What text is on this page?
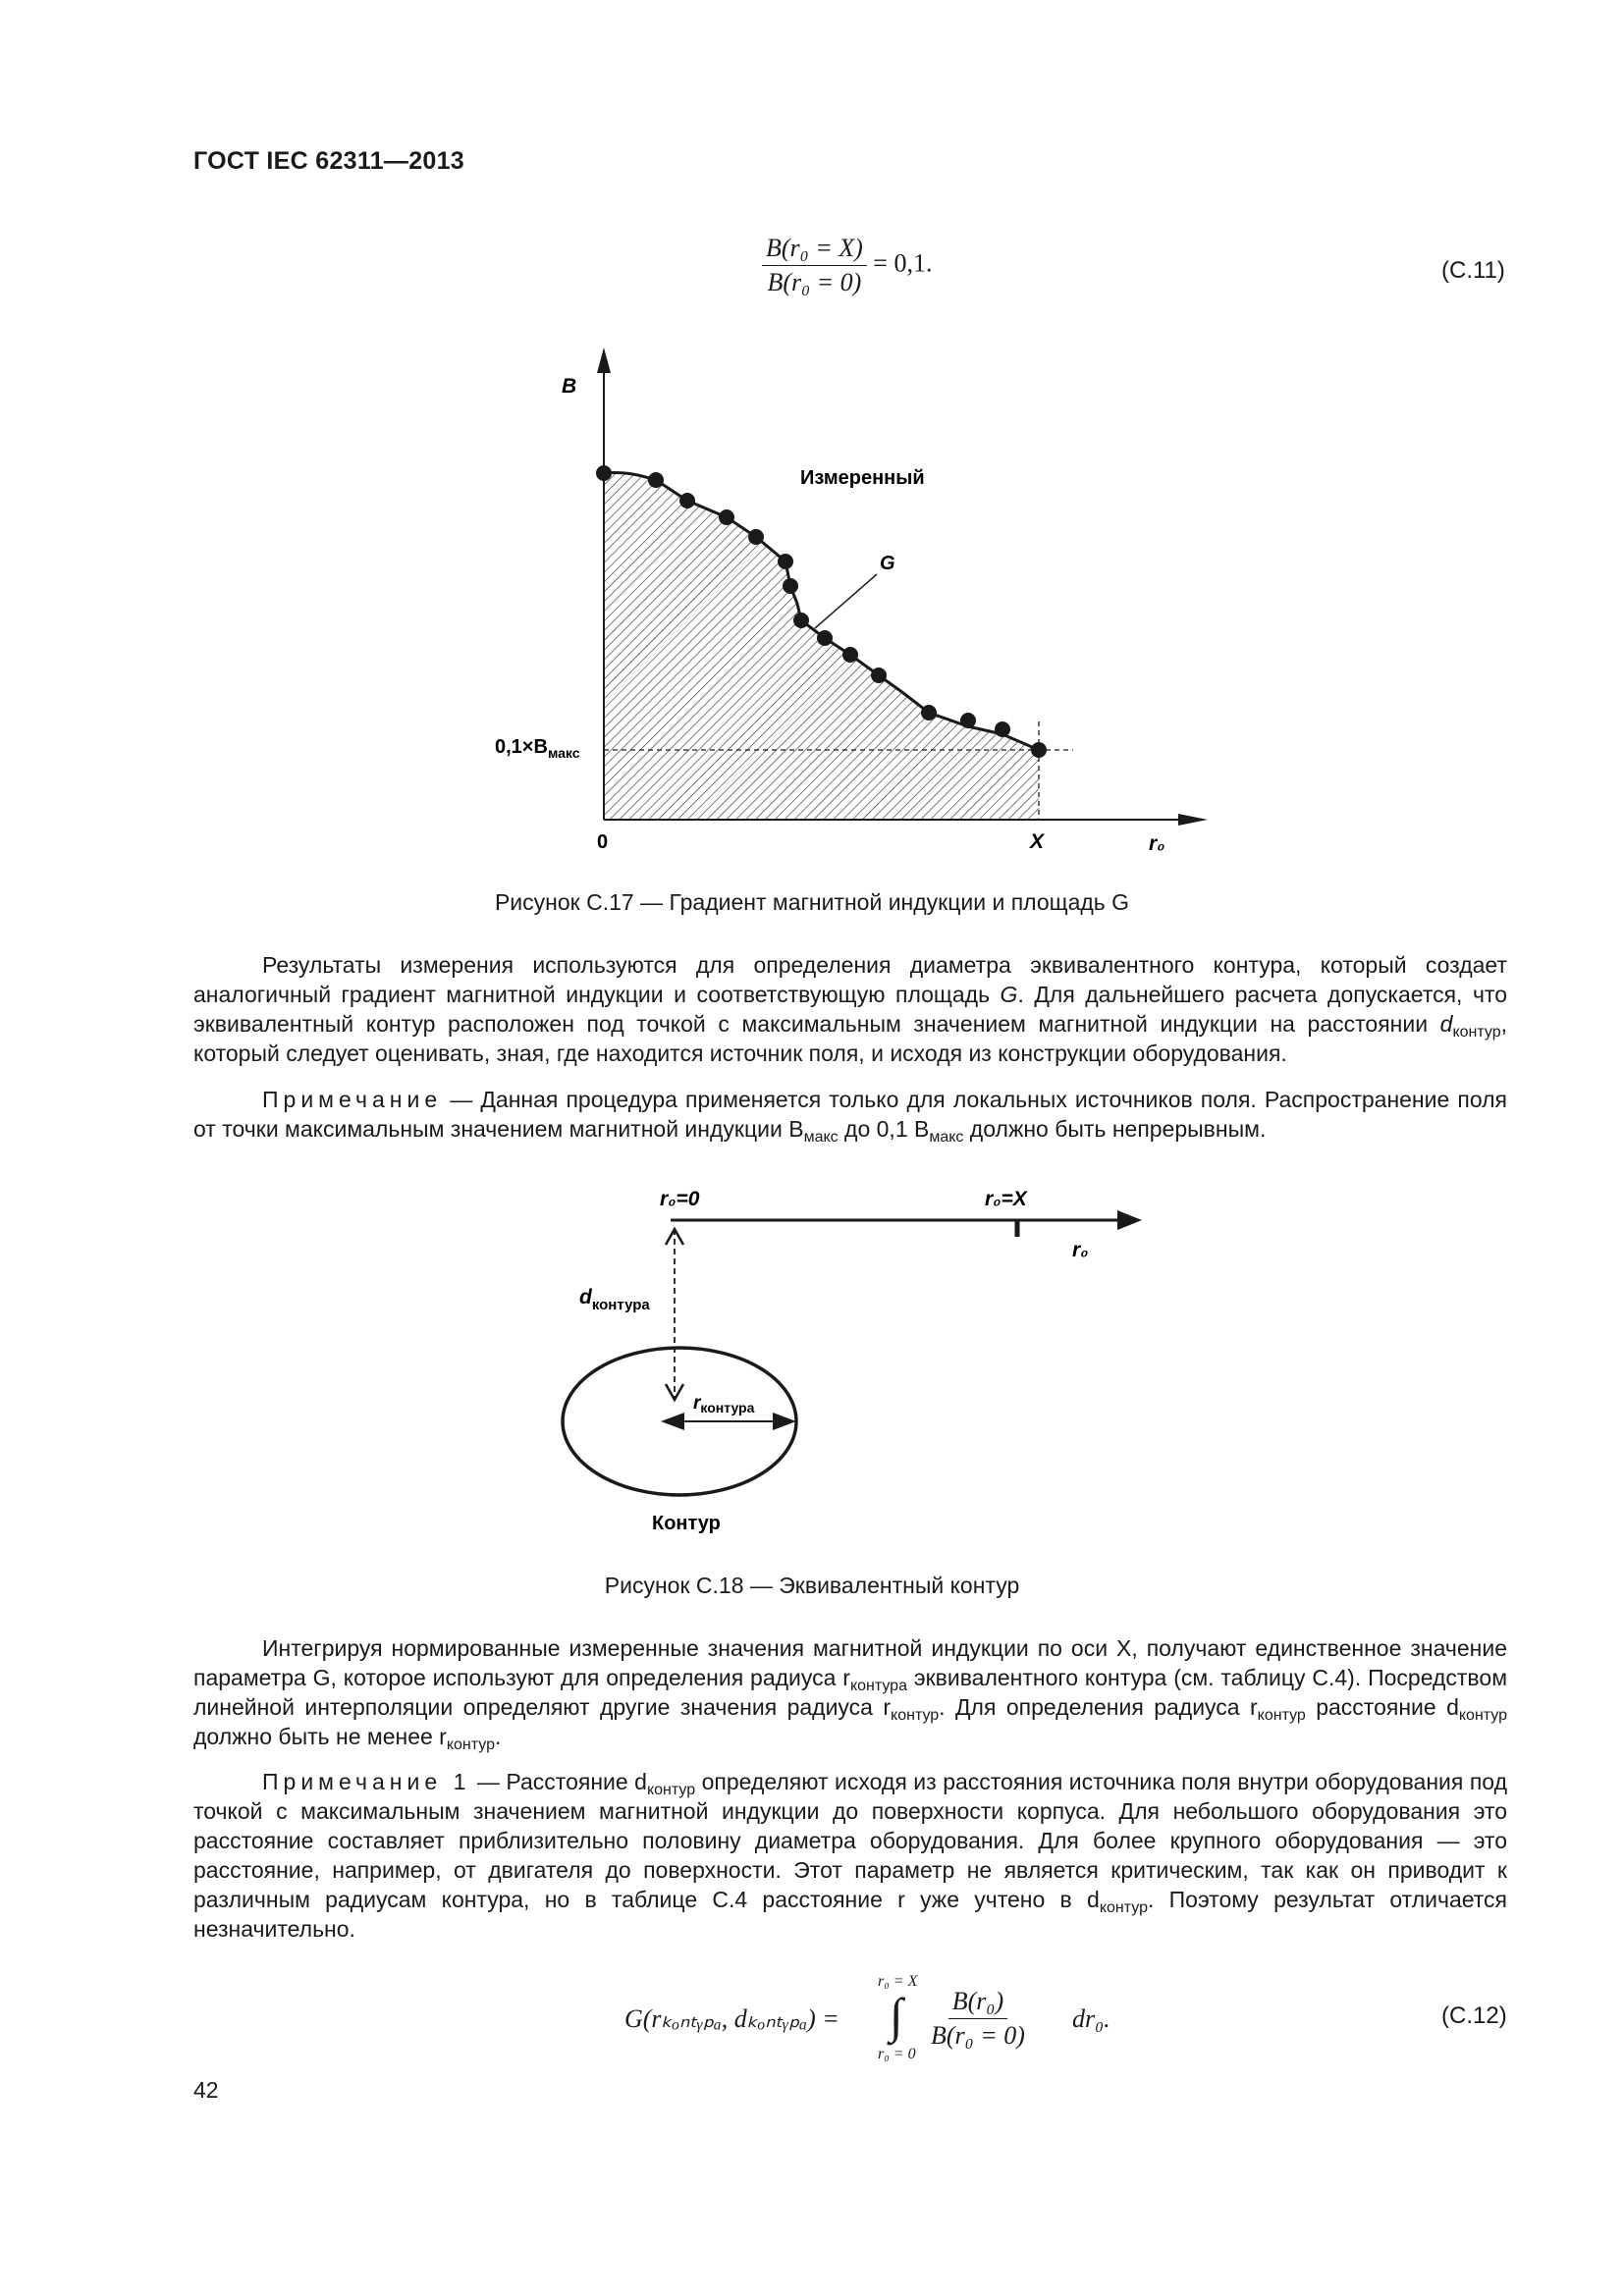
ГОСТ IEC 62311—2013
$\frac{\text{B(r₀ = X)}}{\text{B(r₀ = 0)}} = 0,1$.	(С.11)
B
Измеренный
G
$0,1\times B_{макс}$
0	X	r₀
Рисунок С.17 — Градиент магнитной индукции и площадь G

Результаты измерения используются для определения диаметра эквивалентного контура, который создает аналогичный градиент магнитной индукции и соответствующую площадь G. Для дальнейшего расчета допускается, что эквивалентный контур расположен под точкой с максимальным значением магнитной индукции на расстоянии $d_{контур}$, который следует оценивать, зная, где находится источник поля, и исходя из конструкции оборудования.

Примечание — Данная процедура применяется только для локальных источников поля. Распространение поля от точки максимальным значением магнитной индукции $B_{макс}$ до 0,1 $B_{макс}$ должно быть непрерывным.

r₀=0	r₀=X
r₀
$d_{контура}$
$r_{контура}$
Контур
Рисунок С.18 — Эквивалентный контур

Интегрируя нормированные измеренные значения магнитной индукции по оси X, получают единственное значение параметра G, которое используют для определения радиуса $r_{контура}$ эквивалентного контура (см. таблицу С.4). Посредством линейной интерполяции определяют другие значения радиуса $r_{контур}$. Для определения радиуса $r_{контур}$ расстояние $d_{контур}$ должно быть не менее $r_{контур}$.

Примечание 1 — Расстояние $d_{контур}$ определяют исходя из расстояния источника поля внутри оборудования под точкой с максимальным значением магнитной индукции до поверхности корпуса. Для небольшого оборудования это расстояние составляет приблизительно половину диаметра оборудования. Для более крупного оборудования — это расстояние, например, от двигателя до поверхности. Этот параметр не является критическим, так как он приводит к различным радиусам контура, но в таблице С.4 расстояние r уже учтено в $d_{контур}$. Поэтому результат отличается незначительно.

G(rₖₒₙₜᵧₚₐ, dₖₒₙₜᵧₚₐ) =
r₀ = X
∫
r₀ = 0
$\frac{\text{B(r₀)}}{\text{B(r₀ = 0)}} dr_0$.	(С.12)
42
